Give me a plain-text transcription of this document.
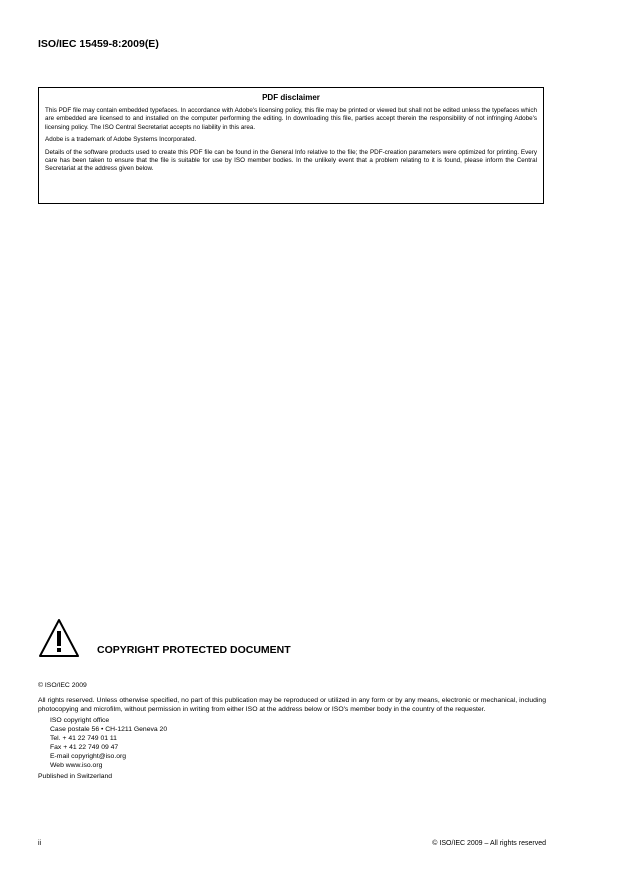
ISO/IEC 15459-8:2009(E)
PDF disclaimer

This PDF file may contain embedded typefaces. In accordance with Adobe's licensing policy, this file may be printed or viewed but shall not be edited unless the typefaces which are embedded are licensed to and installed on the computer performing the editing. In downloading this file, parties accept therein the responsibility of not infringing Adobe's licensing policy. The ISO Central Secretariat accepts no liability in this area.

Adobe is a trademark of Adobe Systems Incorporated.

Details of the software products used to create this PDF file can be found in the General Info relative to the file; the PDF-creation parameters were optimized for printing. Every care has been taken to ensure that the file is suitable for use by ISO member bodies. In the unlikely event that a problem relating to it is found, please inform the Central Secretariat at the address given below.

COPYRIGHT PROTECTED DOCUMENT

© ISO/IEC 2009

All rights reserved. Unless otherwise specified, no part of this publication may be reproduced or utilized in any form or by any means, electronic or mechanical, including photocopying and microfilm, without permission in writing from either ISO at the address below or ISO's member body in the country of the requester.

ISO copyright office
Case postale 56 • CH-1211 Geneva 20
Tel. + 41 22 749 01 11
Fax + 41 22 749 09 47
E-mail copyright@iso.org
Web www.iso.org

Published in Switzerland

ii	© ISO/IEC 2009 – All rights reserved
